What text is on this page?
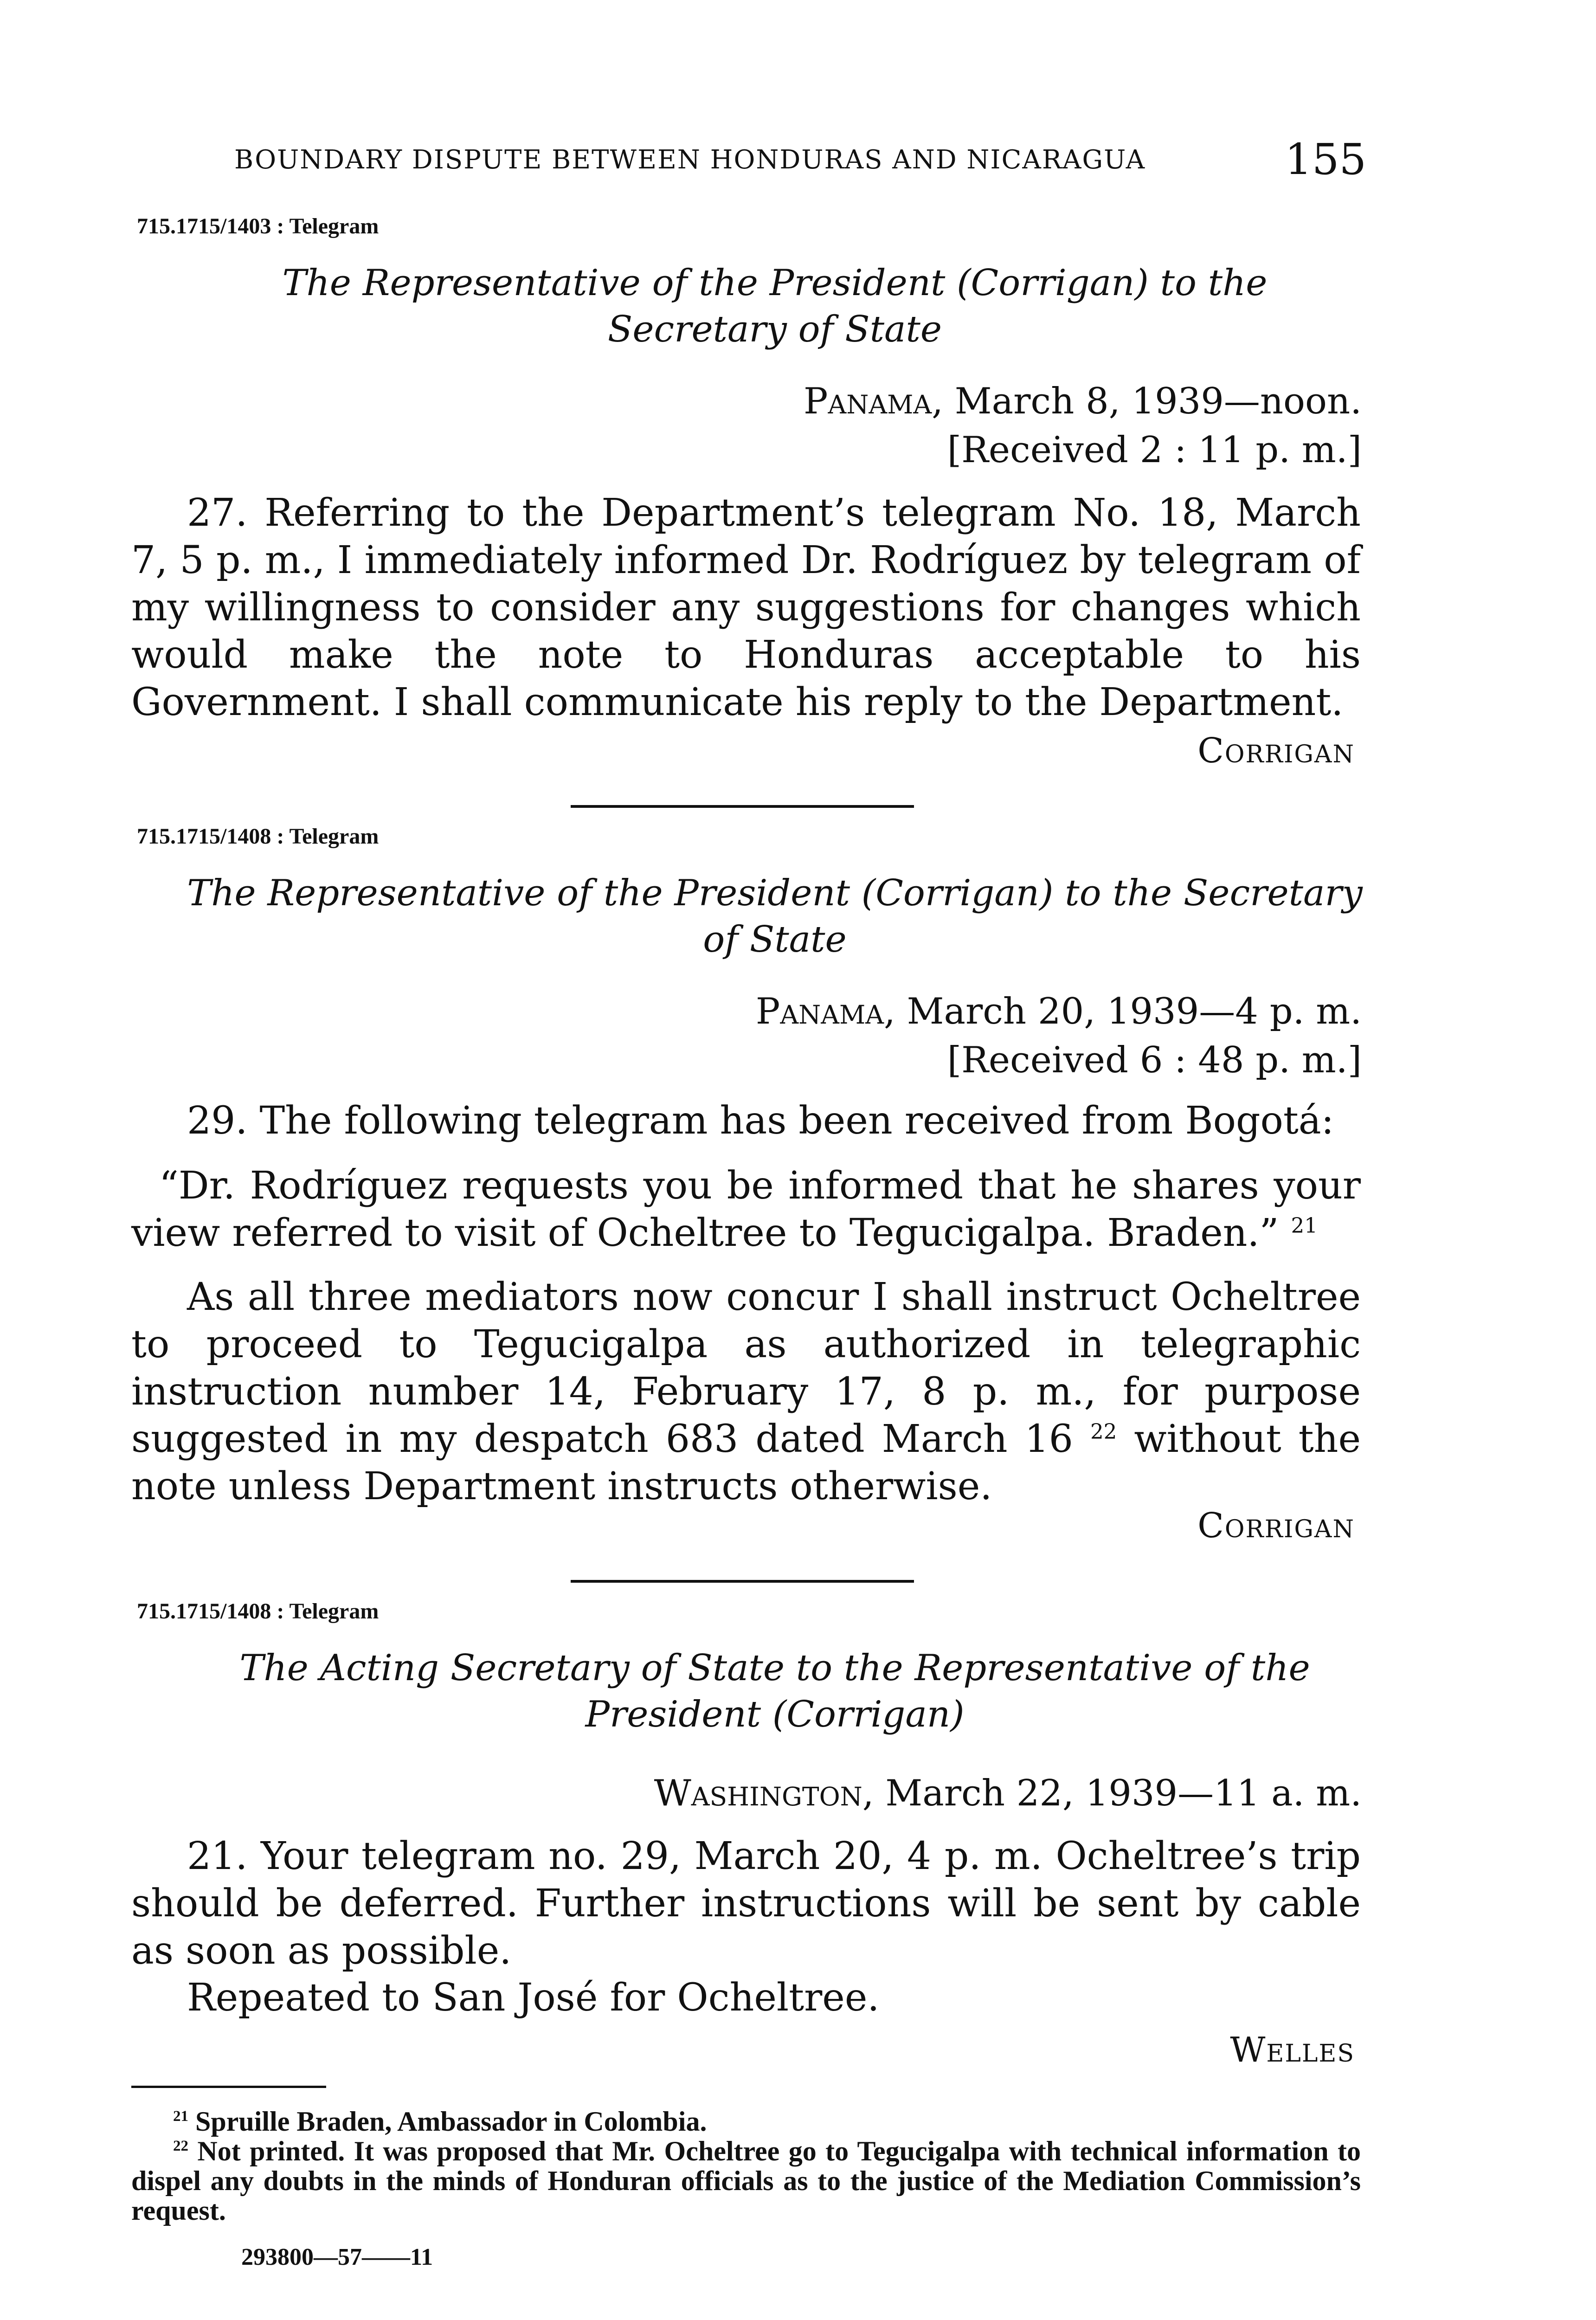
BOUNDARY DISPUTE BETWEEN HONDURAS AND NICARAGUA	155
715.1715/1403 : Telegram
The Representative of the President (Corrigan) to the
Secretary of State
Panama, March 8, 1939—noon.
[Received 2 : 11 p. m.]

27. Referring to the Department’s telegram No. 18, March 7, 5 p. m., I immediately informed Dr. Rodríguez by telegram of my willingness to consider any suggestions for changes which would make the note to Honduras acceptable to his Government. I shall communicate his reply to the Department.

Corrigan
715.1715/1408 : Telegram
The Representative of the President (Corrigan) to the Secretary
of State
Panama, March 20, 1939—4 p. m.
[Received 6 : 48 p. m.]

29. The following telegram has been received from Bogotá:

“Dr. Rodríguez requests you be informed that he shares your view referred to visit of Ocheltree to Tegucigalpa. Braden.” $^{21}$

As all three mediators now concur I shall instruct Ocheltree to proceed to Tegucigalpa as authorized in telegraphic instruction number 14, February 17, 8 p. m., for purpose suggested in my despatch 683 dated March 16 $^{22}$ without the note unless Department instructs otherwise.

Corrigan
715.1715/1408 : Telegram
The Acting Secretary of State to the Representative of the
President (Corrigan)
Washington, March 22, 1939—11 a. m.

21. Your telegram no. 29, March 20, 4 p. m. Ocheltree’s trip should be deferred. Further instructions will be sent by cable as soon as possible.

Repeated to San José for Ocheltree.

Welles

$^{21}$ Spruille Braden, Ambassador in Colombia.

$^{22}$ Not printed. It was proposed that Mr. Ocheltree go to Tegucigalpa with technical information to dispel any doubts in the minds of Honduran officials as to the justice of the Mediation Commission’s request.

293800—57——11
